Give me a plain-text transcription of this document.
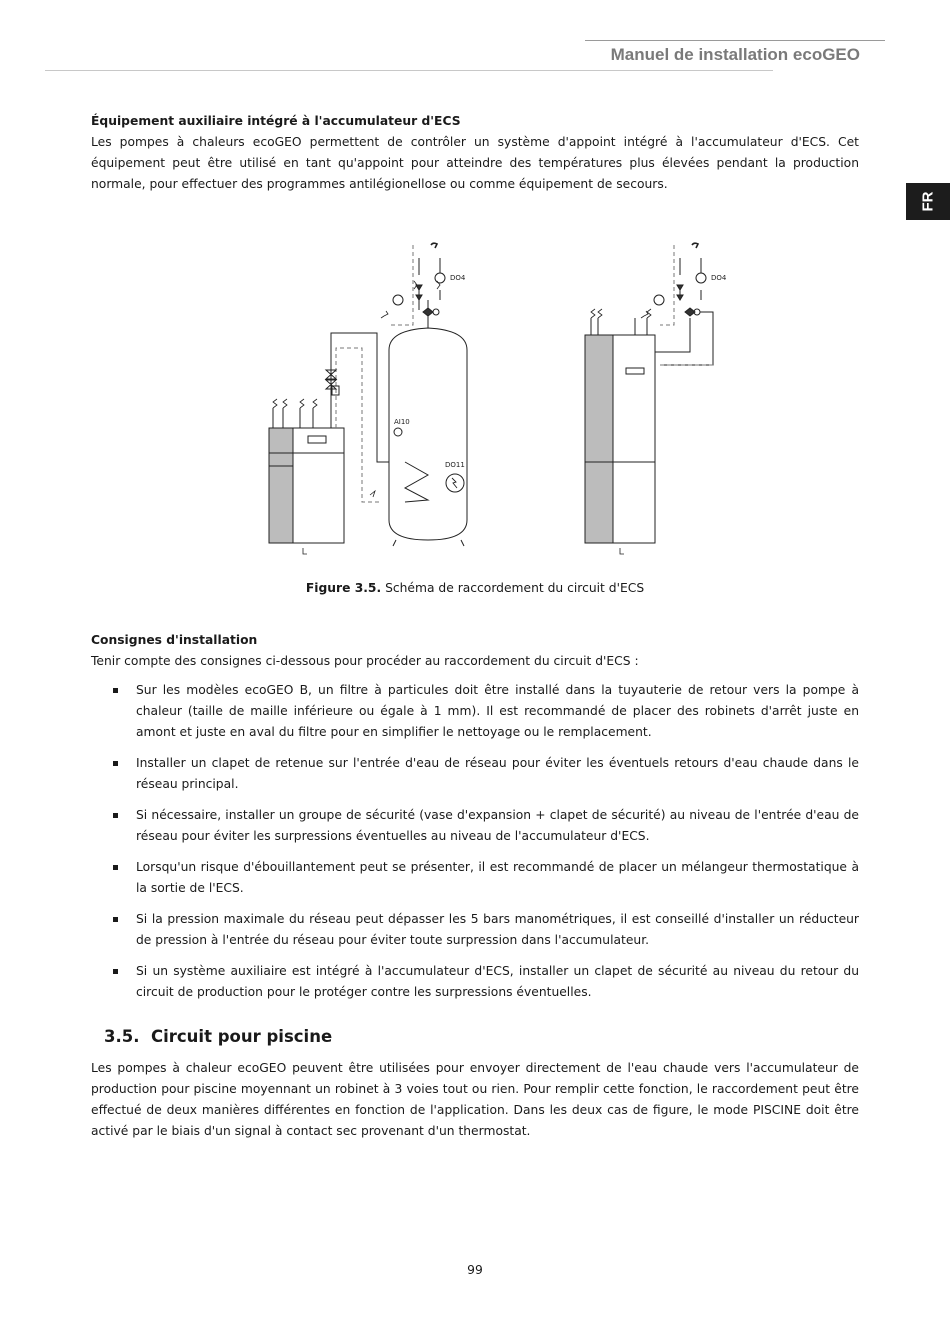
Manuel de installation ecoGEO
FR

Équipement auxiliaire intégré à l'accumulateur d'ECS

Les pompes à chaleurs ecoGEO permettent de contrôler un système d'appoint intégré à l'accumulateur d'ECS. Cet équipement peut être utilisé en tant qu'appoint pour atteindre des températures plus élevées pendant la production normale, pour effectuer des programmes antilégionellose ou comme équipement de secours.

DO4	DO4
AI10
DO11
Figure 3.5. Schéma de raccordement du circuit d'ECS

Consignes d'installation

Tenir compte des consignes ci-dessous pour procéder au raccordement du circuit d'ECS :

Sur les modèles ecoGEO B, un filtre à particules doit être installé dans la tuyauterie de retour vers la pompe à chaleur (taille de maille inférieure ou égale à 1 mm). Il est recommandé de placer des robinets d'arrêt juste en amont et juste en aval du filtre pour en simplifier le nettoyage ou le remplacement.
Installer un clapet de retenue sur l'entrée d'eau de réseau pour éviter les éventuels retours d'eau chaude dans le réseau principal.
Si nécessaire, installer un groupe de sécurité (vase d'expansion + clapet de sécurité) au niveau de l'entrée d'eau de réseau pour éviter les surpressions éventuelles au niveau de l'accumulateur d'ECS.
Lorsqu'un risque d'ébouillantement peut se présenter, il est recommandé de placer un mélangeur thermostatique à la sortie de l'ECS.
Si la pression maximale du réseau peut dépasser les 5 bars manométriques, il est conseillé d'installer un réducteur de pression à l'entrée du réseau pour éviter toute surpression dans l'accumulateur.
Si un système auxiliaire est intégré à l'accumulateur d'ECS, installer un clapet de sécurité au niveau du retour du circuit de production pour le protéger contre les surpressions éventuelles.
3.5. Circuit pour piscine

Les pompes à chaleur ecoGEO peuvent être utilisées pour envoyer directement de l'eau chaude vers l'accumulateur de production pour piscine moyennant un robinet à 3 voies tout ou rien. Pour remplir cette fonction, le raccordement peut être effectué de deux manières différentes en fonction de l'application. Dans les deux cas de figure, le mode PISCINE doit être activé par le biais d'un signal à contact sec provenant d'un thermostat.

99
